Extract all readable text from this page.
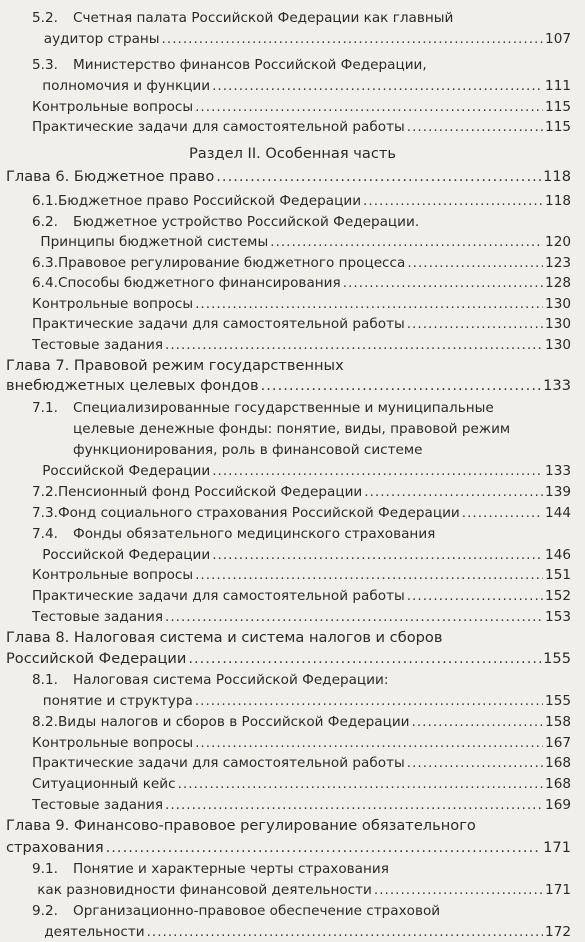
5.2.	Счетная палата Российской Федерации как главный
аудитор страны .....	107
5.3.	Министерство финансов Российской Федерации,
полномочия и функции .....	111
Контрольные вопросы .....	115
Практические задачи для самостоятельной работы .....	115
Раздел II. Особенная часть
Глава 6. Бюджетное право .....	118
6.1. Бюджетное право Российской Федерации .....	118
6.2.	Бюджетное устройство Российской Федерации.
Принципы бюджетной системы .....	120
6.3. Правовое регулирование бюджетного процесса .....	123
6.4. Способы бюджетного финансирования .....	128
Контрольные вопросы .....	130
Практические задачи для самостоятельной работы .....	130
Тестовые задания .....	130
Глава 7. Правовой режим государственных
внебюджетных целевых фондов .....	133
7.1.	Специализированные государственные и муниципальные
целевые денежные фонды: понятие, виды, правовой режим
функционирования, роль в финансовой системе
Российской Федерации .....	133
7.2. Пенсионный фонд Российской Федерации .....	139
7.3. Фонд социального страхования Российской Федерации .....	144
7.4.	Фонды обязательного медицинского страхования
Российской Федерации .....	146
Контрольные вопросы .....	151
Практические задачи для самостоятельной работы .....	152
Тестовые задания .....	153
Глава 8. Налоговая система и система налогов и сборов
Российской Федерации .....	155
8.1.	Налоговая система Российской Федерации:
понятие и структура .....	155
8.2. Виды налогов и сборов в Российской Федерации .....	158
Контрольные вопросы .....	167
Практические задачи для самостоятельной работы .....	168
Ситуационный кейс .....	168
Тестовые задания .....	169
Глава 9. Финансово-правовое регулирование обязательного
страхования .....	171
9.1.	Понятие и характерные черты страхования
как разновидности финансовой деятельности .....	171
9.2.	Организационно-правовое обеспечение страховой
деятельности .....	172
